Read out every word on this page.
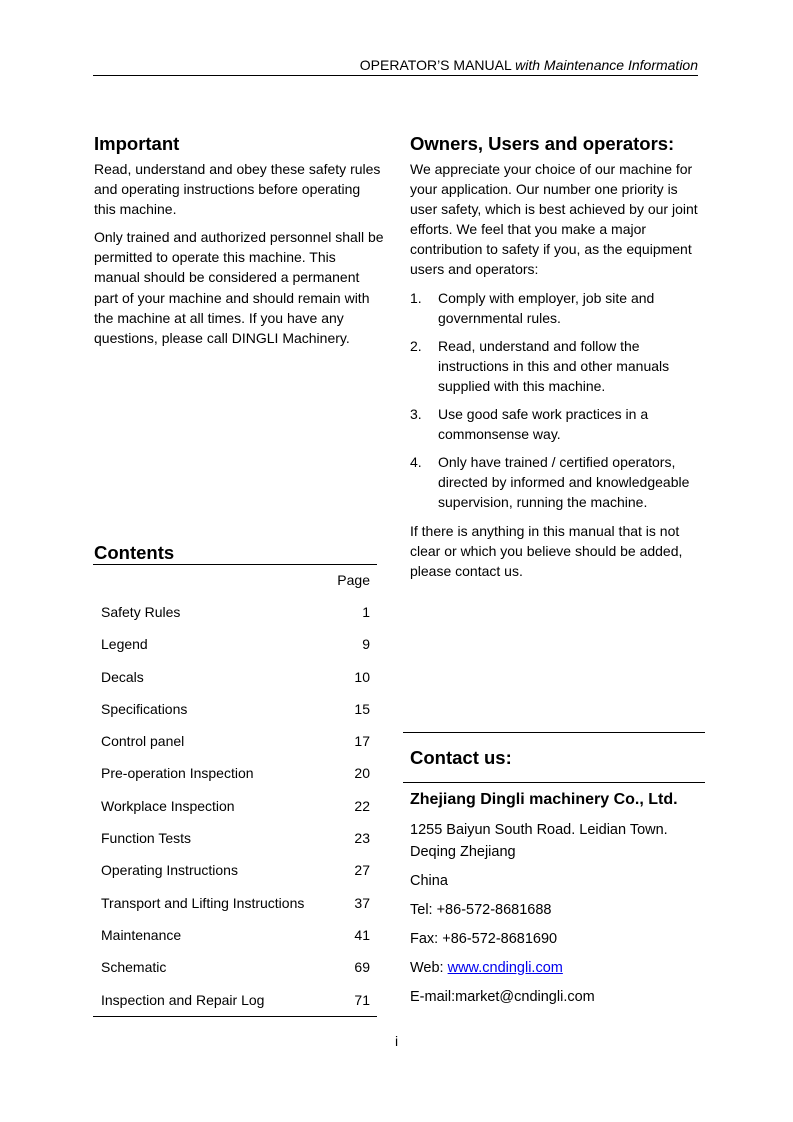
OPERATOR’S MANUAL with Maintenance Information
Important
Read, understand and obey these safety rules
and operating instructions before operating
this machine.
Only trained and authorized personnel shall be
permitted to operate this machine. This
manual should be considered a permanent
part of your machine and should remain with
the machine at all times. If you have any
questions, please call DINGLI Machinery.
Owners, Users and operators:
We appreciate your choice of our machine for
your application. Our number one priority is
user safety, which is best achieved by our joint
efforts. We feel that you make a major
contribution to safety if you, as the equipment
users and operators:
1.	Comply with employer, job site and
governmental rules.
2.	Read, understand and follow the
instructions in this and other manuals
supplied with this machine.
3.	Use good safe work practices in a
commonsense way.
4.	Only have trained / certified operators,
directed by informed and knowledgeable
supervision, running the machine.
If there is anything in this manual that is not
clear or which you believe should be added,
please contact us.
Contents
Page
Safety Rules	1
Legend	9
Decals	10
Specifications	15
Control panel	17
Pre-operation Inspection	20
Workplace Inspection	22
Function Tests	23
Operating Instructions	27
Transport and Lifting Instructions	37
Maintenance	41
Schematic	69
Inspection and Repair Log	71
Contact us:
Zhejiang Dingli machinery Co., Ltd.
1255 Baiyun South Road. Leidian Town.
Deqing Zhejiang
China
Tel: +86-572-8681688
Fax: +86-572-8681690
Web: www.cndingli.com
E-mail:market@cndingli.com
i
